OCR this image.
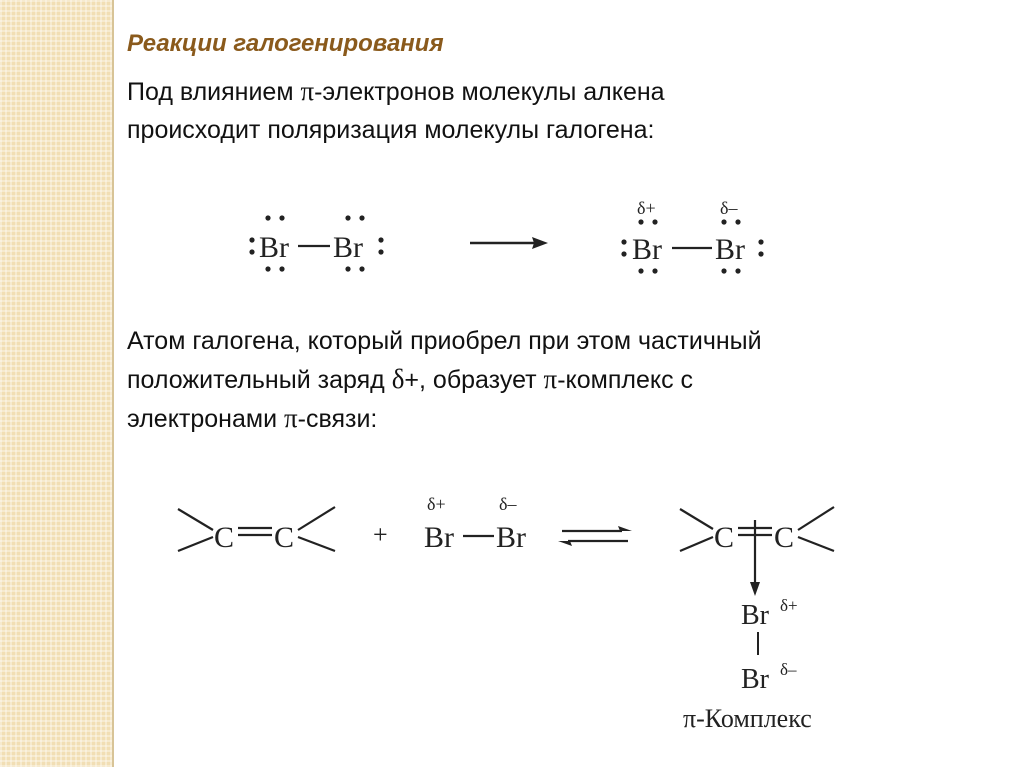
Реакции галогенирования
Под влиянием π-электронов молекулы алкена
происходит поляризация молекулы галогена:
Атом галогена, который приобрел при этом частичный
положительный заряд δ+, образует π-комплекс с
электронами π-связи:
Br Br
δ+	δ–
Br Br
C C	+
δ+	δ–
Br Br	C C
Br δ+
Br δ–
π-Комплекс
